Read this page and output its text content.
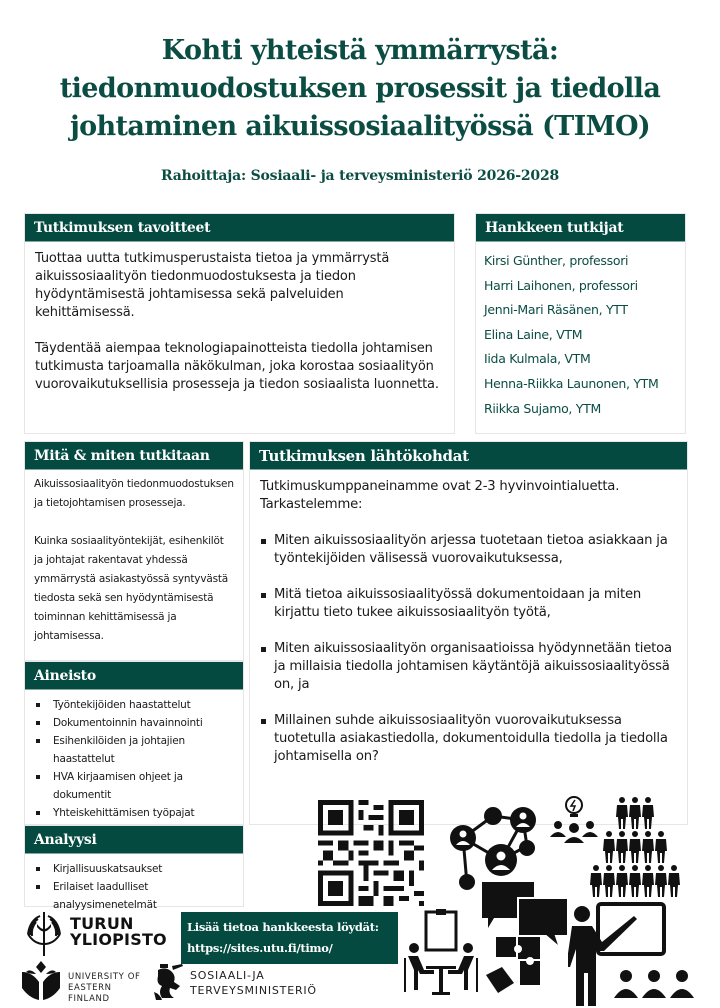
Kohti yhteistä ymmärrystä: tiedonmuodostuksen prosessit ja tiedolla johtaminen aikuissosiaalityössä (TIMO)
Rahoittaja: Sosiaali- ja terveysministeriö 2026-2028
Tutkimuksen tavoitteet

Tuottaa uutta tutkimusperustaista tietoa ja ymmärrystä aikuissosiaalityön tiedonmuodostuksesta ja tiedon hyödyntämisestä johtamisessa sekä palveluiden kehittämisessä.

Täydentää aiempaa teknologiapainotteista tiedolla johtamisen tutkimusta tarjoamalla näkökulman, joka korostaa sosiaalityön vuorovaikutuksellisia prosesseja ja tiedon sosiaalista luonnetta.

Hankkeen tutkijat
Kirsi Günther, professori
Harri Laihonen, professori
Jenni-Mari Räsänen, YTT
Elina Laine, VTM
Iida Kulmala, VTM
Henna-Riikka Launonen, YTM
Riikka Sujamo, YTM
Mitä & miten tutkitaan

Aikuissosiaalityön tiedonmuodostuksen ja tietojohtamisen prosesseja.

Kuinka sosiaalityöntekijät, esihenkilöt ja johtajat rakentavat yhdessä ymmärrystä asiakastyössä syntyvästä tiedosta sekä sen hyödyntämisestä toiminnan kehittämisessä ja johtamisessa.

Aineisto
Työntekijöiden haastattelut
Dokumentoinnin havainnointi
Esihenkilöiden ja johtajien haastattelut
HVA kirjaamisen ohjeet ja dokumentit
Yhteiskehittämisen työpajat
Analyysi
Kirjallisuuskatsaukset
Erilaiset laadulliset analyysimenetelmät
Tutkimuksen lähtökohdat

Tutkimuskumppaneinamme ovat 2-3 hyvinvointialuetta. Tarkastelemme:

Miten aikuissosiaalityön arjessa tuotetaan tietoa asiakkaan ja työntekijöiden välisessä vuorovaikutuksessa,
Mitä tietoa aikuissosiaalityössä dokumentoidaan ja miten kirjattu tieto tukee aikuissosiaalityön työtä,
Miten aikuissosiaalityön organisaatioissa hyödynnetään tietoa ja millaisia tiedolla johtamisen käytäntöjä aikuissosiaalityössä on, ja
Millainen suhde aikuissosiaalityön vuorovaikutuksessa tuotetulla asiakastiedolla, dokumentoidulla tiedolla ja tiedolla johtamisella on?
Lisää tietoa hankkeesta löydät:
https://sites.utu.fi/timo/
TURUN
YLIOPISTO
UNIVERSITY OF
EASTERN FINLAND
SOSIAALI-JA
TERVEYSMINISTERIÖ
